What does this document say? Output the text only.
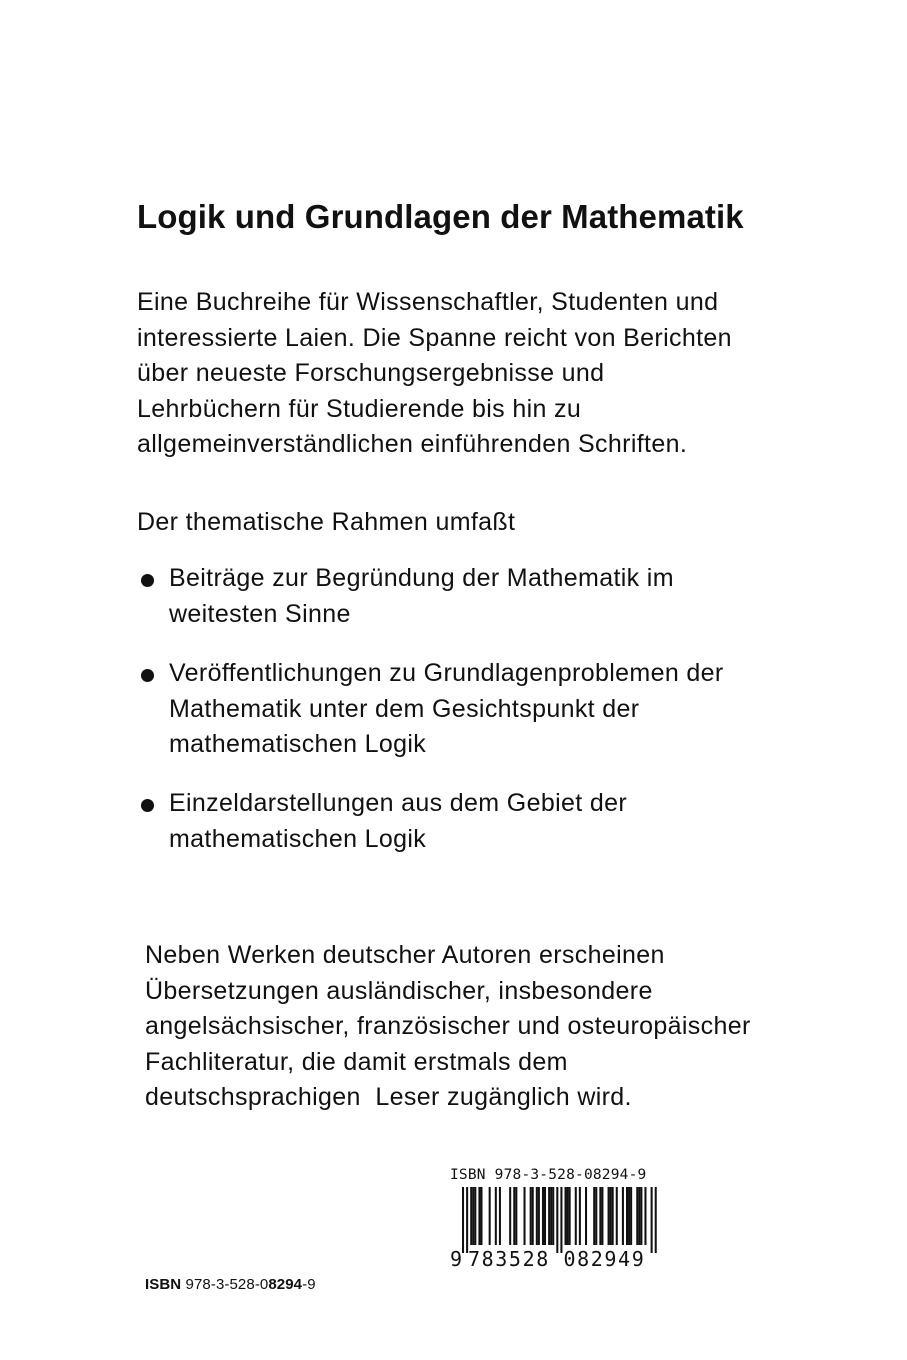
Logik und Grundlagen der Mathematik
Eine Buchreihe für Wissenschaftler, Studenten und
interessierte Laien. Die Spanne reicht von Berichten
über neueste Forschungsergebnisse und
Lehrbüchern für Studierende bis hin zu
allgemeinverständlichen einführenden Schriften.
Der thematische Rahmen umfaßt
Beiträge zur Begründung der Mathematik im
weitesten Sinne
Veröffentlichungen zu Grundlagenproblemen der
Mathematik unter dem Gesichtspunkt der
mathematischen Logik
Einzeldarstellungen aus dem Gebiet der
mathematischen Logik
Neben Werken deutscher Autoren erscheinen
Übersetzungen ausländischer, insbesondere
angelsächsischer, französischer und osteuropäischer
Fachliteratur, die damit erstmals dem
deutschsprachigen  Leser zugänglich wird.
ISBN 978-3-528-08294-9
9 783528 082949
ISBN 978-3-528-08294-9
